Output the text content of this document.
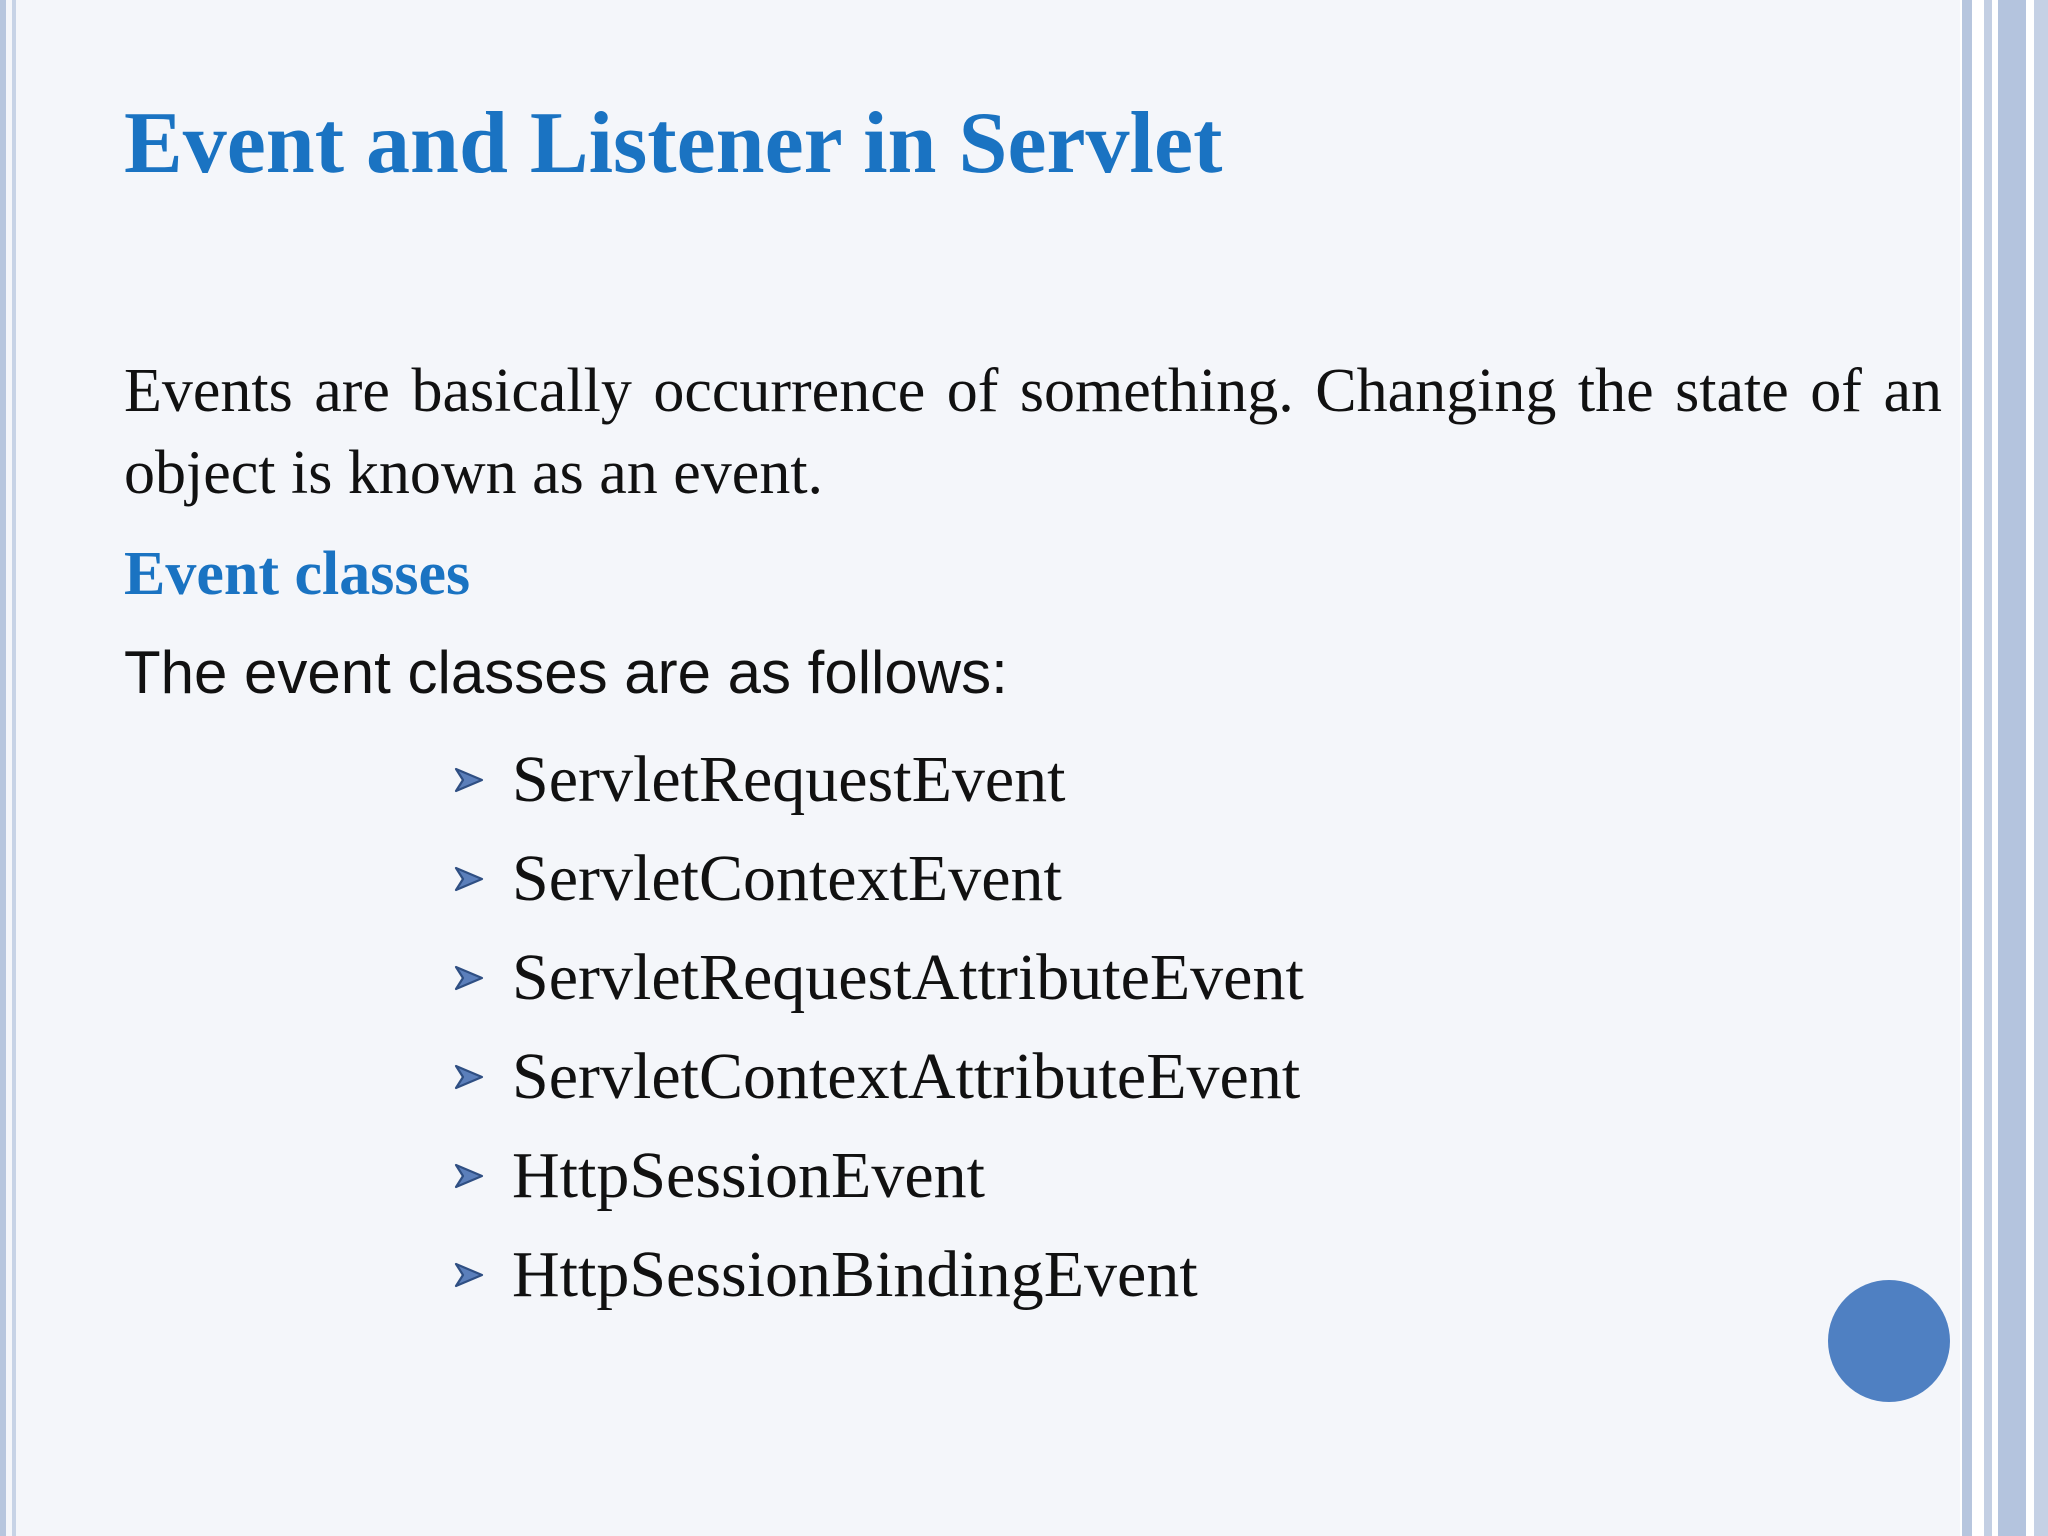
Event and Listener in Servlet

Events are basically occurrence of something. Changing the state of an object is known as an event.

Event classes

The event classes are as follows:

ServletRequestEvent
ServletContextEvent
ServletRequestAttributeEvent
ServletContextAttributeEvent
HttpSessionEvent
HttpSessionBindingEvent
